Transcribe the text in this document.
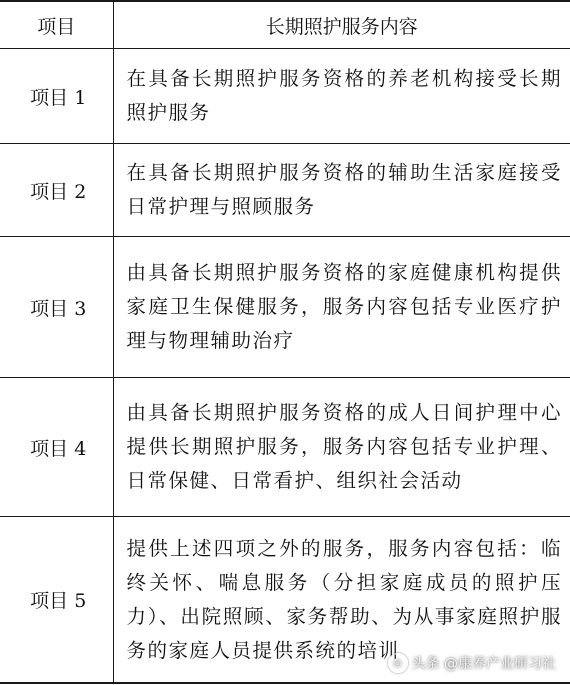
项目	长期照护服务内容
项目 1	在具备长期照护服务资格的养老机构接受长期照护服务
项目 2	在具备长期照护服务资格的辅助生活家庭接受日常护理与照顾服务
项目 3	由具备长期照护服务资格的家庭健康机构提供家庭卫生保健服务，服务内容包括专业医疗护理与物理辅助治疗
项目 4	由具备长期照护服务资格的成人日间护理中心提供长期照护服务，服务内容包括专业护理、日常保健、日常看护、组织社会活动
项目 5	提供上述四项之外的服务，服务内容包括：临终关怀、喘息服务（分担家庭成员的照护压力）、出院照顾、家务帮助、为从事家庭照护服务的家庭人员提供系统的培训
◎ 头条 @康养产业研习社
